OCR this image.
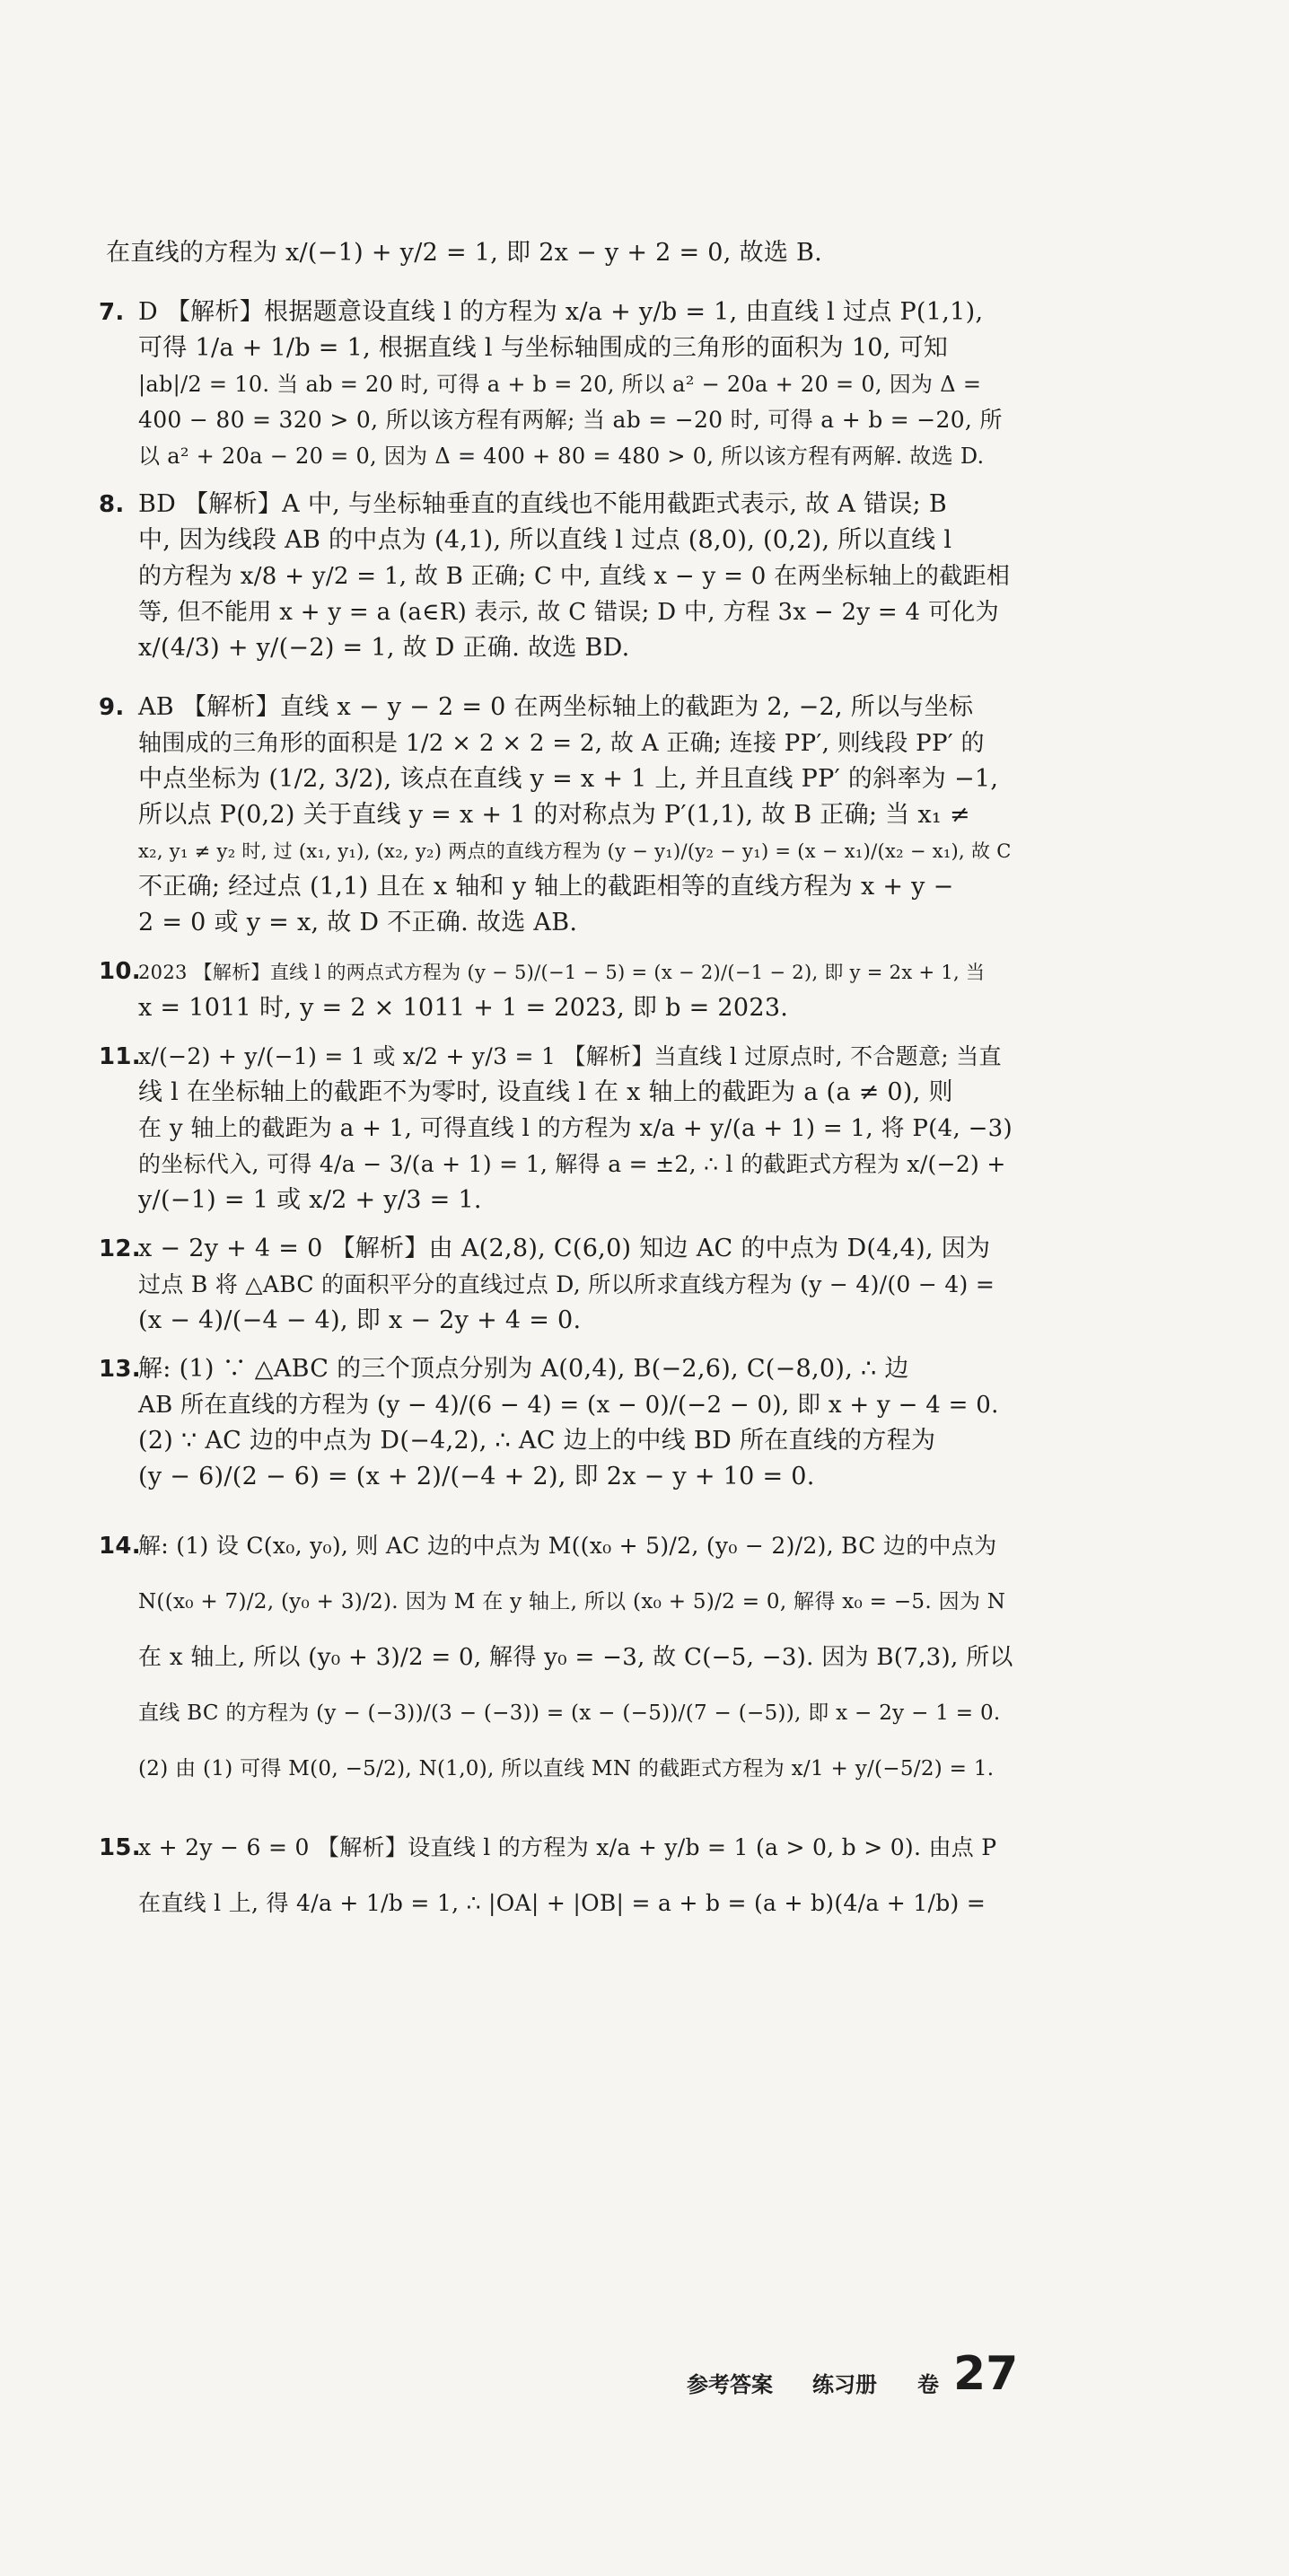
在直线的方程为 x/(−1) + y/2 = 1, 即 2x − y + 2 = 0, 故选 B.
7. D 【解析】根据题意设直线 l 的方程为 x/a + y/b = 1, 由直线 l 过点 P(1,1),
可得 1/a + 1/b = 1, 根据直线 l 与坐标轴围成的三角形的面积为 10, 可知
|ab|/2 = 10. 当 ab = 20 时, 可得 a + b = 20, 所以 a² − 20a + 20 = 0, 因为 Δ =
400 − 80 = 320 > 0, 所以该方程有两解; 当 ab = −20 时, 可得 a + b = −20, 所
以 a² + 20a − 20 = 0, 因为 Δ = 400 + 80 = 480 > 0, 所以该方程有两解. 故选 D.
8. BD 【解析】A 中, 与坐标轴垂直的直线也不能用截距式表示, 故 A 错误; B
中, 因为线段 AB 的中点为 (4,1), 所以直线 l 过点 (8,0), (0,2), 所以直线 l
的方程为 x/8 + y/2 = 1, 故 B 正确; C 中, 直线 x − y = 0 在两坐标轴上的截距相
等, 但不能用 x + y = a (a∈R) 表示, 故 C 错误; D 中, 方程 3x − 2y = 4 可化为
x/(4/3) + y/(−2) = 1, 故 D 正确. 故选 BD.
9. AB 【解析】直线 x − y − 2 = 0 在两坐标轴上的截距为 2, −2, 所以与坐标
轴围成的三角形的面积是 1/2 × 2 × 2 = 2, 故 A 正确; 连接 PP′, 则线段 PP′ 的
中点坐标为 (1/2, 3/2), 该点在直线 y = x + 1 上, 并且直线 PP′ 的斜率为 −1,
所以点 P(0,2) 关于直线 y = x + 1 的对称点为 P′(1,1), 故 B 正确; 当 x₁ ≠
x₂, y₁ ≠ y₂ 时, 过 (x₁, y₁), (x₂, y₂) 两点的直线方程为 (y − y₁)/(y₂ − y₁) = (x − x₁)/(x₂ − x₁), 故 C
不正确; 经过点 (1,1) 且在 x 轴和 y 轴上的截距相等的直线方程为 x + y −
2 = 0 或 y = x, 故 D 不正确. 故选 AB.
10.2023 【解析】直线 l 的两点式方程为 (y − 5)/(−1 − 5) = (x − 2)/(−1 − 2), 即 y = 2x + 1, 当
x = 1011 时, y = 2 × 1011 + 1 = 2023, 即 b = 2023.
11.x/(−2) + y/(−1) = 1 或 x/2 + y/3 = 1 【解析】当直线 l 过原点时, 不合题意; 当直
线 l 在坐标轴上的截距不为零时, 设直线 l 在 x 轴上的截距为 a (a ≠ 0), 则
在 y 轴上的截距为 a + 1, 可得直线 l 的方程为 x/a + y/(a + 1) = 1, 将 P(4, −3)
的坐标代入, 可得 4/a − 3/(a + 1) = 1, 解得 a = ±2, ∴ l 的截距式方程为 x/(−2) +
y/(−1) = 1 或 x/2 + y/3 = 1.
12.x − 2y + 4 = 0 【解析】由 A(2,8), C(6,0) 知边 AC 的中点为 D(4,4), 因为
过点 B 将 △ABC 的面积平分的直线过点 D, 所以所求直线方程为 (y − 4)/(0 − 4) =
(x − 4)/(−4 − 4), 即 x − 2y + 4 = 0.
13.解: (1) ∵ △ABC 的三个顶点分别为 A(0,4), B(−2,6), C(−8,0), ∴ 边
AB 所在直线的方程为 (y − 4)/(6 − 4) = (x − 0)/(−2 − 0), 即 x + y − 4 = 0.
(2) ∵ AC 边的中点为 D(−4,2), ∴ AC 边上的中线 BD 所在直线的方程为
(y − 6)/(2 − 6) = (x + 2)/(−4 + 2), 即 2x − y + 10 = 0.
14.解: (1) 设 C(x₀, y₀), 则 AC 边的中点为 M((x₀ + 5)/2, (y₀ − 2)/2), BC 边的中点为
N((x₀ + 7)/2, (y₀ + 3)/2). 因为 M 在 y 轴上, 所以 (x₀ + 5)/2 = 0, 解得 x₀ = −5. 因为 N
在 x 轴上, 所以 (y₀ + 3)/2 = 0, 解得 y₀ = −3, 故 C(−5, −3). 因为 B(7,3), 所以
直线 BC 的方程为 (y − (−3))/(3 − (−3)) = (x − (−5))/(7 − (−5)), 即 x − 2y − 1 = 0.
(2) 由 (1) 可得 M(0, −5/2), N(1,0), 所以直线 MN 的截距式方程为 x/1 + y/(−5/2) = 1.
15.x + 2y − 6 = 0 【解析】设直线 l 的方程为 x/a + y/b = 1 (a > 0, b > 0). 由点 P
在直线 l 上, 得 4/a + 1/b = 1, ∴ |OA| + |OB| = a + b = (a + b)(4/a + 1/b) =
参考答案 练习册 卷 27
